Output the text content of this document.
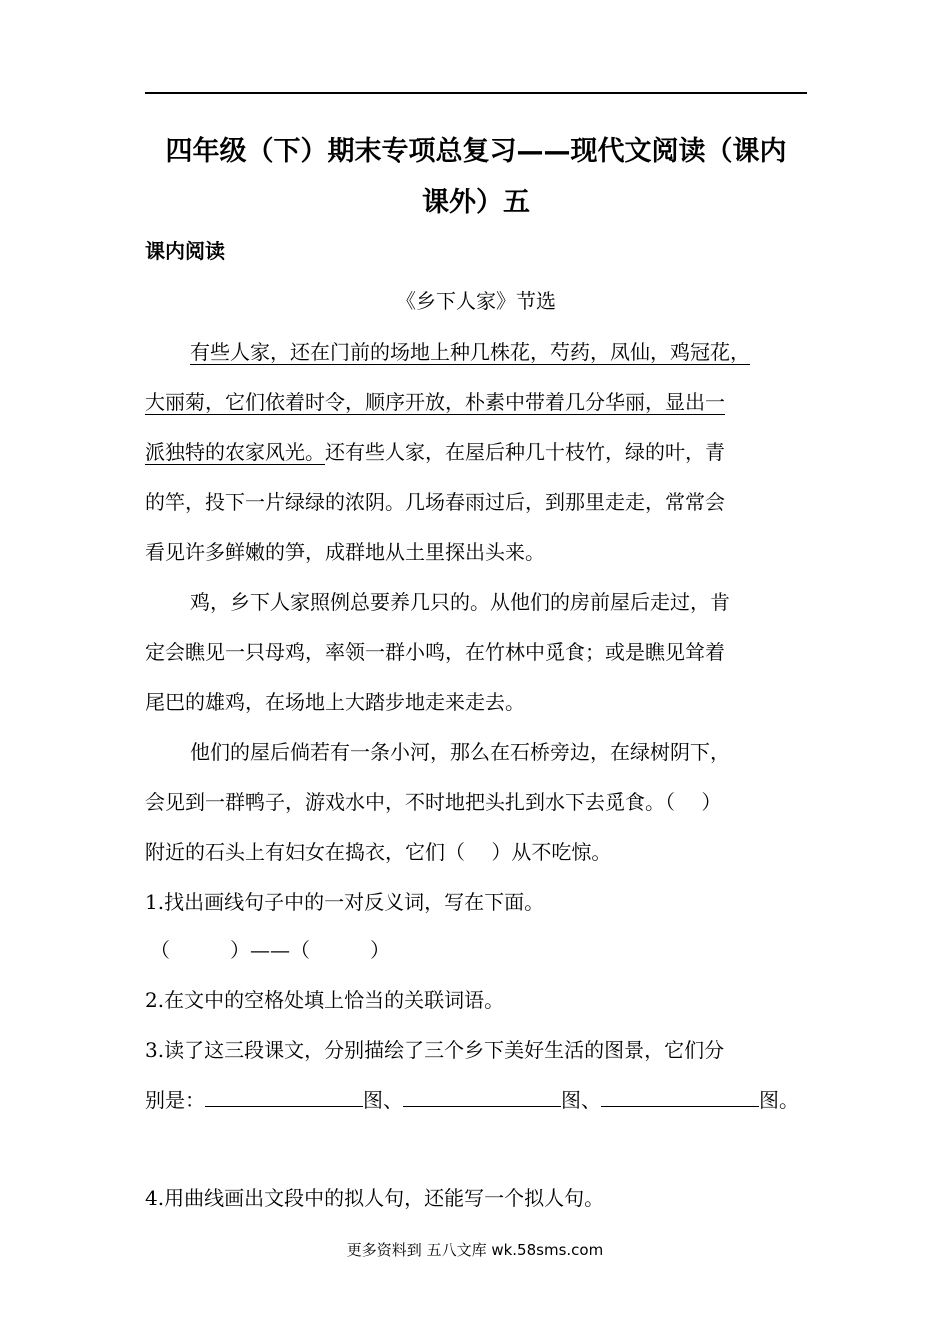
四年级（下）期末专项总复习——现代文阅读（课内
课外）五
课内阅读
《乡下人家》节选
有些人家，还在门前的场地上种几株花，芍药，凤仙，鸡冠花，
大丽菊，它们依着时令，顺序开放，朴素中带着几分华丽，显出一
派独特的农家风光。还有些人家，在屋后种几十枝竹，绿的叶，青
的竿，投下一片绿绿的浓阴。几场春雨过后，到那里走走，常常会
看见许多鲜嫩的笋，成群地从土里探出头来。
鸡，乡下人家照例总要养几只的。从他们的房前屋后走过，肯
定会瞧见一只母鸡，率领一群小鸣，在竹林中觅食；或是瞧见耸着
尾巴的雄鸡，在场地上大踏步地走来走去。
他们的屋后倘若有一条小河，那么在石桥旁边，在绿树阴下，
会见到一群鸭子，游戏水中，不时地把头扎到水下去觅食。（　 ）
附近的石头上有妇女在捣衣，它们（　 ）从不吃惊。
1.找出画线句子中的一对反义词，写在下面。
（　　　）——（　　　）
2.在文中的空格处填上恰当的关联词语。
3.读了这三段课文，分别描绘了三个乡下美好生活的图景，它们分
别是：	图、	图、	图。
4.用曲线画出文段中的拟人句，还能写一个拟人句。
更多资料到 五八文库 wk.58sms.com
